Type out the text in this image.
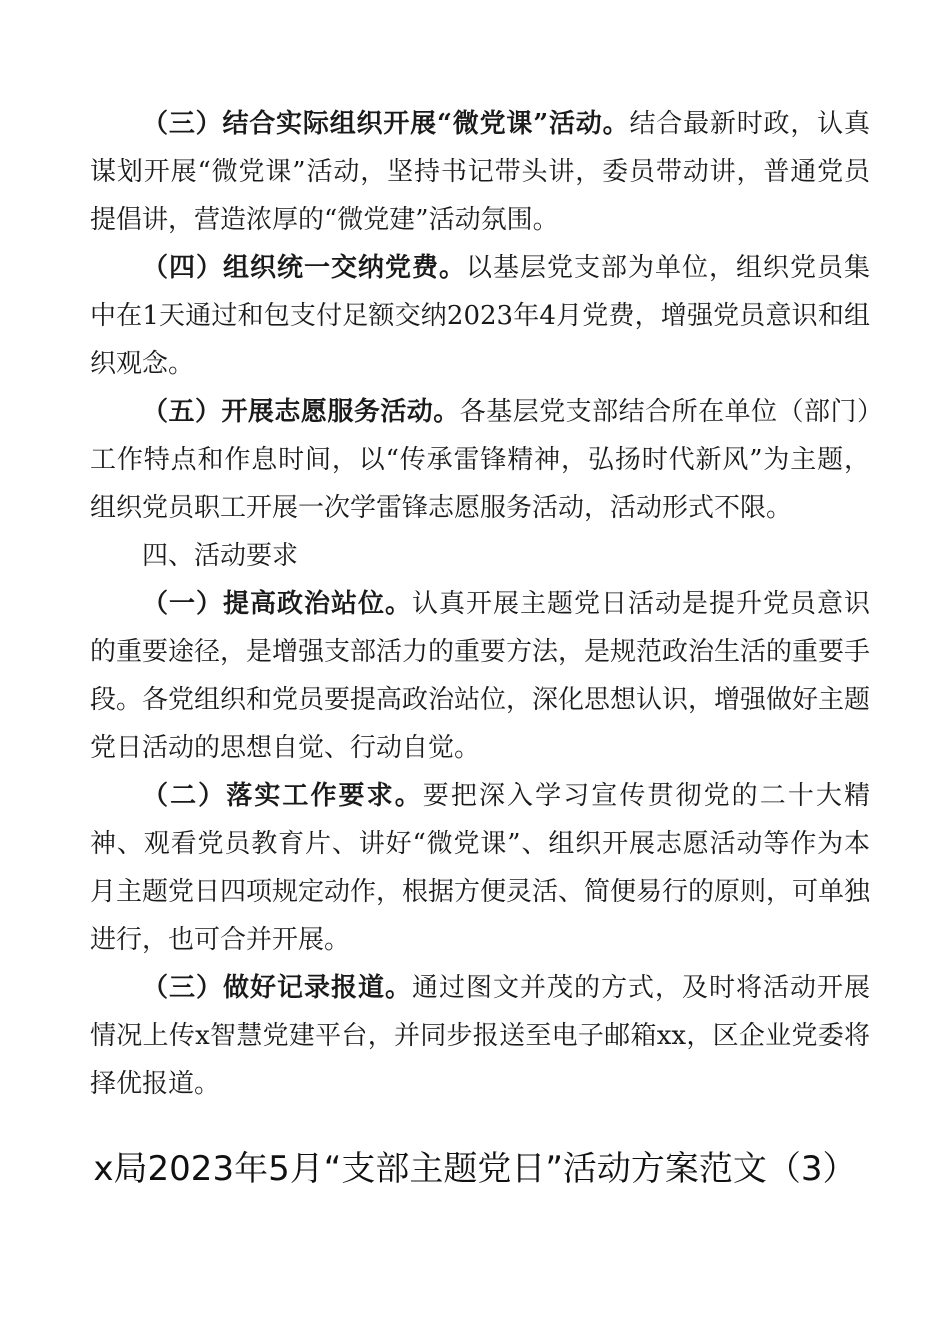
（三）结合实际组织开展“微党课”活动。结合最新时政，认真谋划开展“微党课”活动，坚持书记带头讲，委员带动讲，普通党员提倡讲，营造浓厚的“微党建”活动氛围。

（四）组织统一交纳党费。以基层党支部为单位，组织党员集中在1天通过和包支付足额交纳2023年4月党费，增强党员意识和组织观念。

（五）开展志愿服务活动。各基层党支部结合所在单位（部门）工作特点和作息时间，以“传承雷锋精神，弘扬时代新风”为主题，组织党员职工开展一次学雷锋志愿服务活动，活动形式不限。

四、活动要求

（一）提高政治站位。认真开展主题党日活动是提升党员意识的重要途径，是增强支部活力的重要方法，是规范政治生活的重要手段。各党组织和党员要提高政治站位，深化思想认识，增强做好主题党日活动的思想自觉、行动自觉。

（二）落实工作要求。要把深入学习宣传贯彻党的二十大精神、观看党员教育片、讲好“微党课”、组织开展志愿活动等作为本月主题党日四项规定动作，根据方便灵活、简便易行的原则，可单独进行，也可合并开展。

（三）做好记录报道。通过图文并茂的方式，及时将活动开展情况上传x智慧党建平台，并同步报送至电子邮箱xx，区企业党委将择优报道。

x局2023年5月“支部主题党日”活动方案范文（3）
